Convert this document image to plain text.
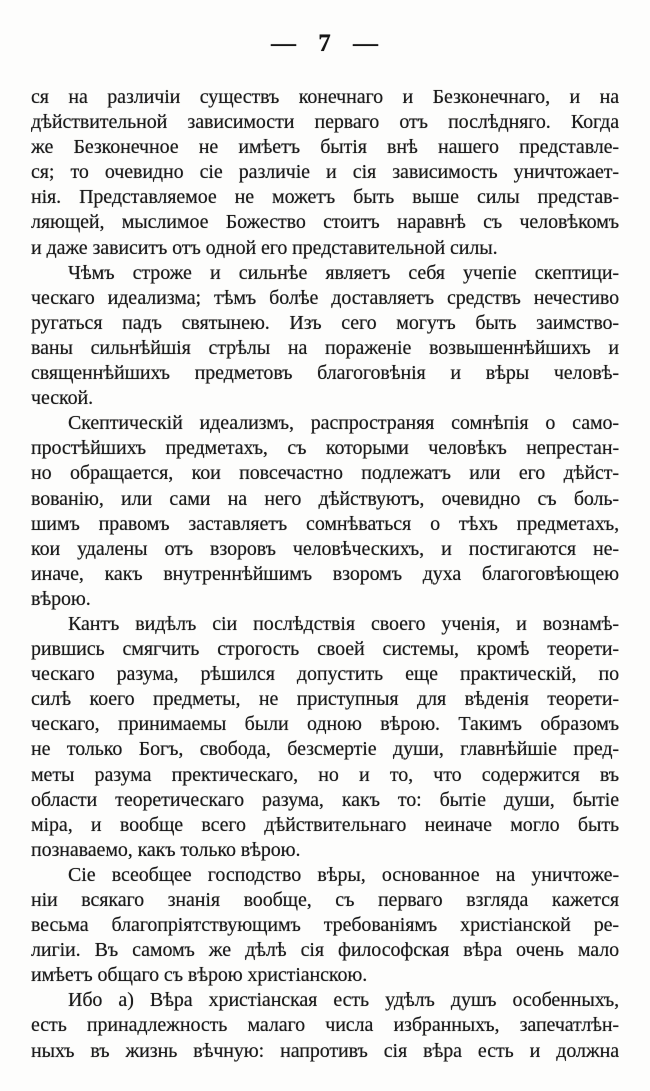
— 7 —
ся на различіи существъ конечнаго и Безконечнаго, и на
дѣйствительной зависимости перваго отъ послѣдняго. Когда
же Безконечное не имѣетъ бытія внѣ нашего представле-
ся; то очевидно сіе различіе и сія зависимость уничтожает-
нія. Представляемое не можетъ быть выше силы представ-
ляющей, мыслимое Божество стоитъ наравнѣ съ человѣкомъ
и даже зависитъ отъ одной его представительной силы.
Чѣмъ строже и сильнѣе являетъ себя учепіе скептици-
ческаго идеализма; тѣмъ болѣе доставляетъ средствъ нечестиво
ругаться падъ святынею. Изъ сего могутъ быть заимство-
ваны сильнѣйшія стрѣлы на пораженіе возвышеннѣйшихъ и
священнѣйшихъ предметовъ благоговѣнія и вѣры человѣ-
ческой.
Скептическій идеализмъ, распространяя сомнѣпія о само-
простѣйшихъ предметахъ, съ которыми человѣкъ непрестан-
но обращается, кои повсечастно подлежатъ или его дѣйст-
вованію, или сами на него дѣйствуютъ, очевидно съ боль-
шимъ правомъ заставляетъ сомнѣваться о тѣхъ предметахъ,
кои удалены отъ взоровъ человѣческихъ, и постигаются не-
иначе, какъ внутреннѣйшимъ взоромъ духа благоговѣющею
вѣрою.
Кантъ видѣлъ сіи послѣдствія своего ученія, и вознамѣ-
рившись смягчить строгость своей системы, кромѣ теорети-
ческаго разума, рѣшился допустить еще практическій, по
силѣ коего предметы, не приступныя для вѣденія теорети-
ческаго, принимаемы были одною вѣрою. Такимъ образомъ
не только Богъ, свобода, безсмертіе души, главнѣйшіе пред-
меты разума пректическаго, но и то, что содержится въ
области теоретическаго разума, какъ то: бытіе души, бытіе
міра, и вообще всего дѣйствительнаго неиначе могло быть
познаваемо, какъ только вѣрою.
Сіе всеобщее господство вѣры, основанное на уничтоже-
ніи всякаго знанія вообще, съ перваго взгляда кажется
весьма благопріятствующимъ требованіямъ христіанской ре-
лигіи. Въ самомъ же дѣлѣ сія философская вѣра очень мало
имѣетъ общаго съ вѣрою христіанскою.
Ибо а) Вѣра христіанская есть удѣлъ душъ особенныхъ,
есть принадлежность малаго числа избранныхъ, запечатлѣн-
ныхъ въ жизнь вѣчную: напротивъ сія вѣра есть и должна
